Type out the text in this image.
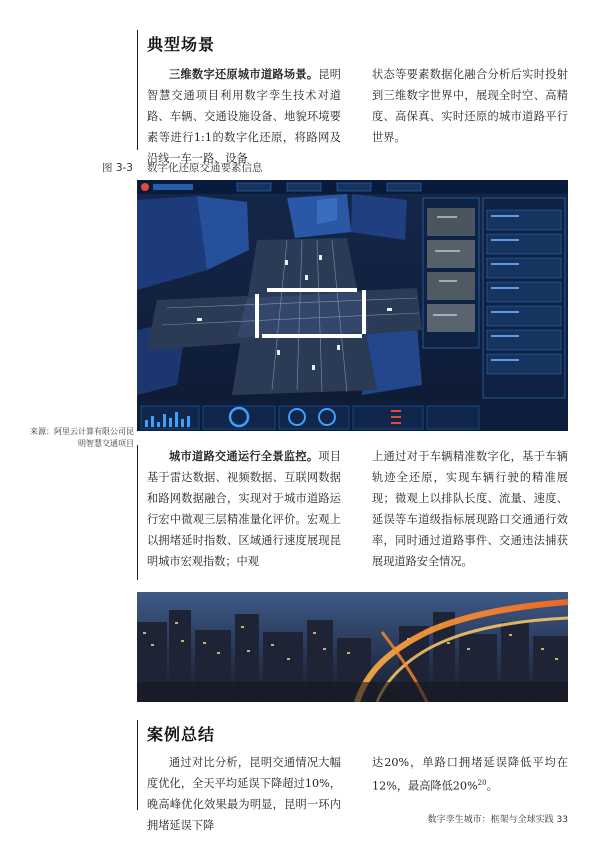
典型场景
三维数字还原城市道路场景。昆明智慧交通项目利用数字孪生技术对道路、车辆、交通设施设备、地貌环境要素等进行1:1的数字化还原，将路网及沿线一车一路、设备
状态等要素数据化融合分析后实时投射到三维数字世界中，展现全时空、高精度、高保真、实时还原的城市道路平行世界。
图 3-3 数字化还原交通要素信息
来源：阿里云计算有限公司昆明智慧交通项目
城市道路交通运行全景监控。项目基于雷达数据、视频数据、互联网数据和路网数据融合，实现对于城市道路运行宏中微观三层精准量化评价。宏观上以拥堵延时指数、区域通行速度展现昆明城市宏观指数；中观
上通过对于车辆精准数字化，基于车辆轨迹全还原，实现车辆行驶的精准展现；微观上以排队长度、流量、速度、延误等车道级指标展现路口交通通行效率，同时通过道路事件、交通违法捕获展现道路安全情况。
案例总结
通过对比分析，昆明交通情况大幅度优化，全天平均延误下降超过10%，晚高峰优化效果最为明显，昆明一环内拥堵延误下降
达20%，单路口拥堵延误降低平均在12%，最高降低20%$^{20}$。
数字孪生城市：框架与全球实践 33
